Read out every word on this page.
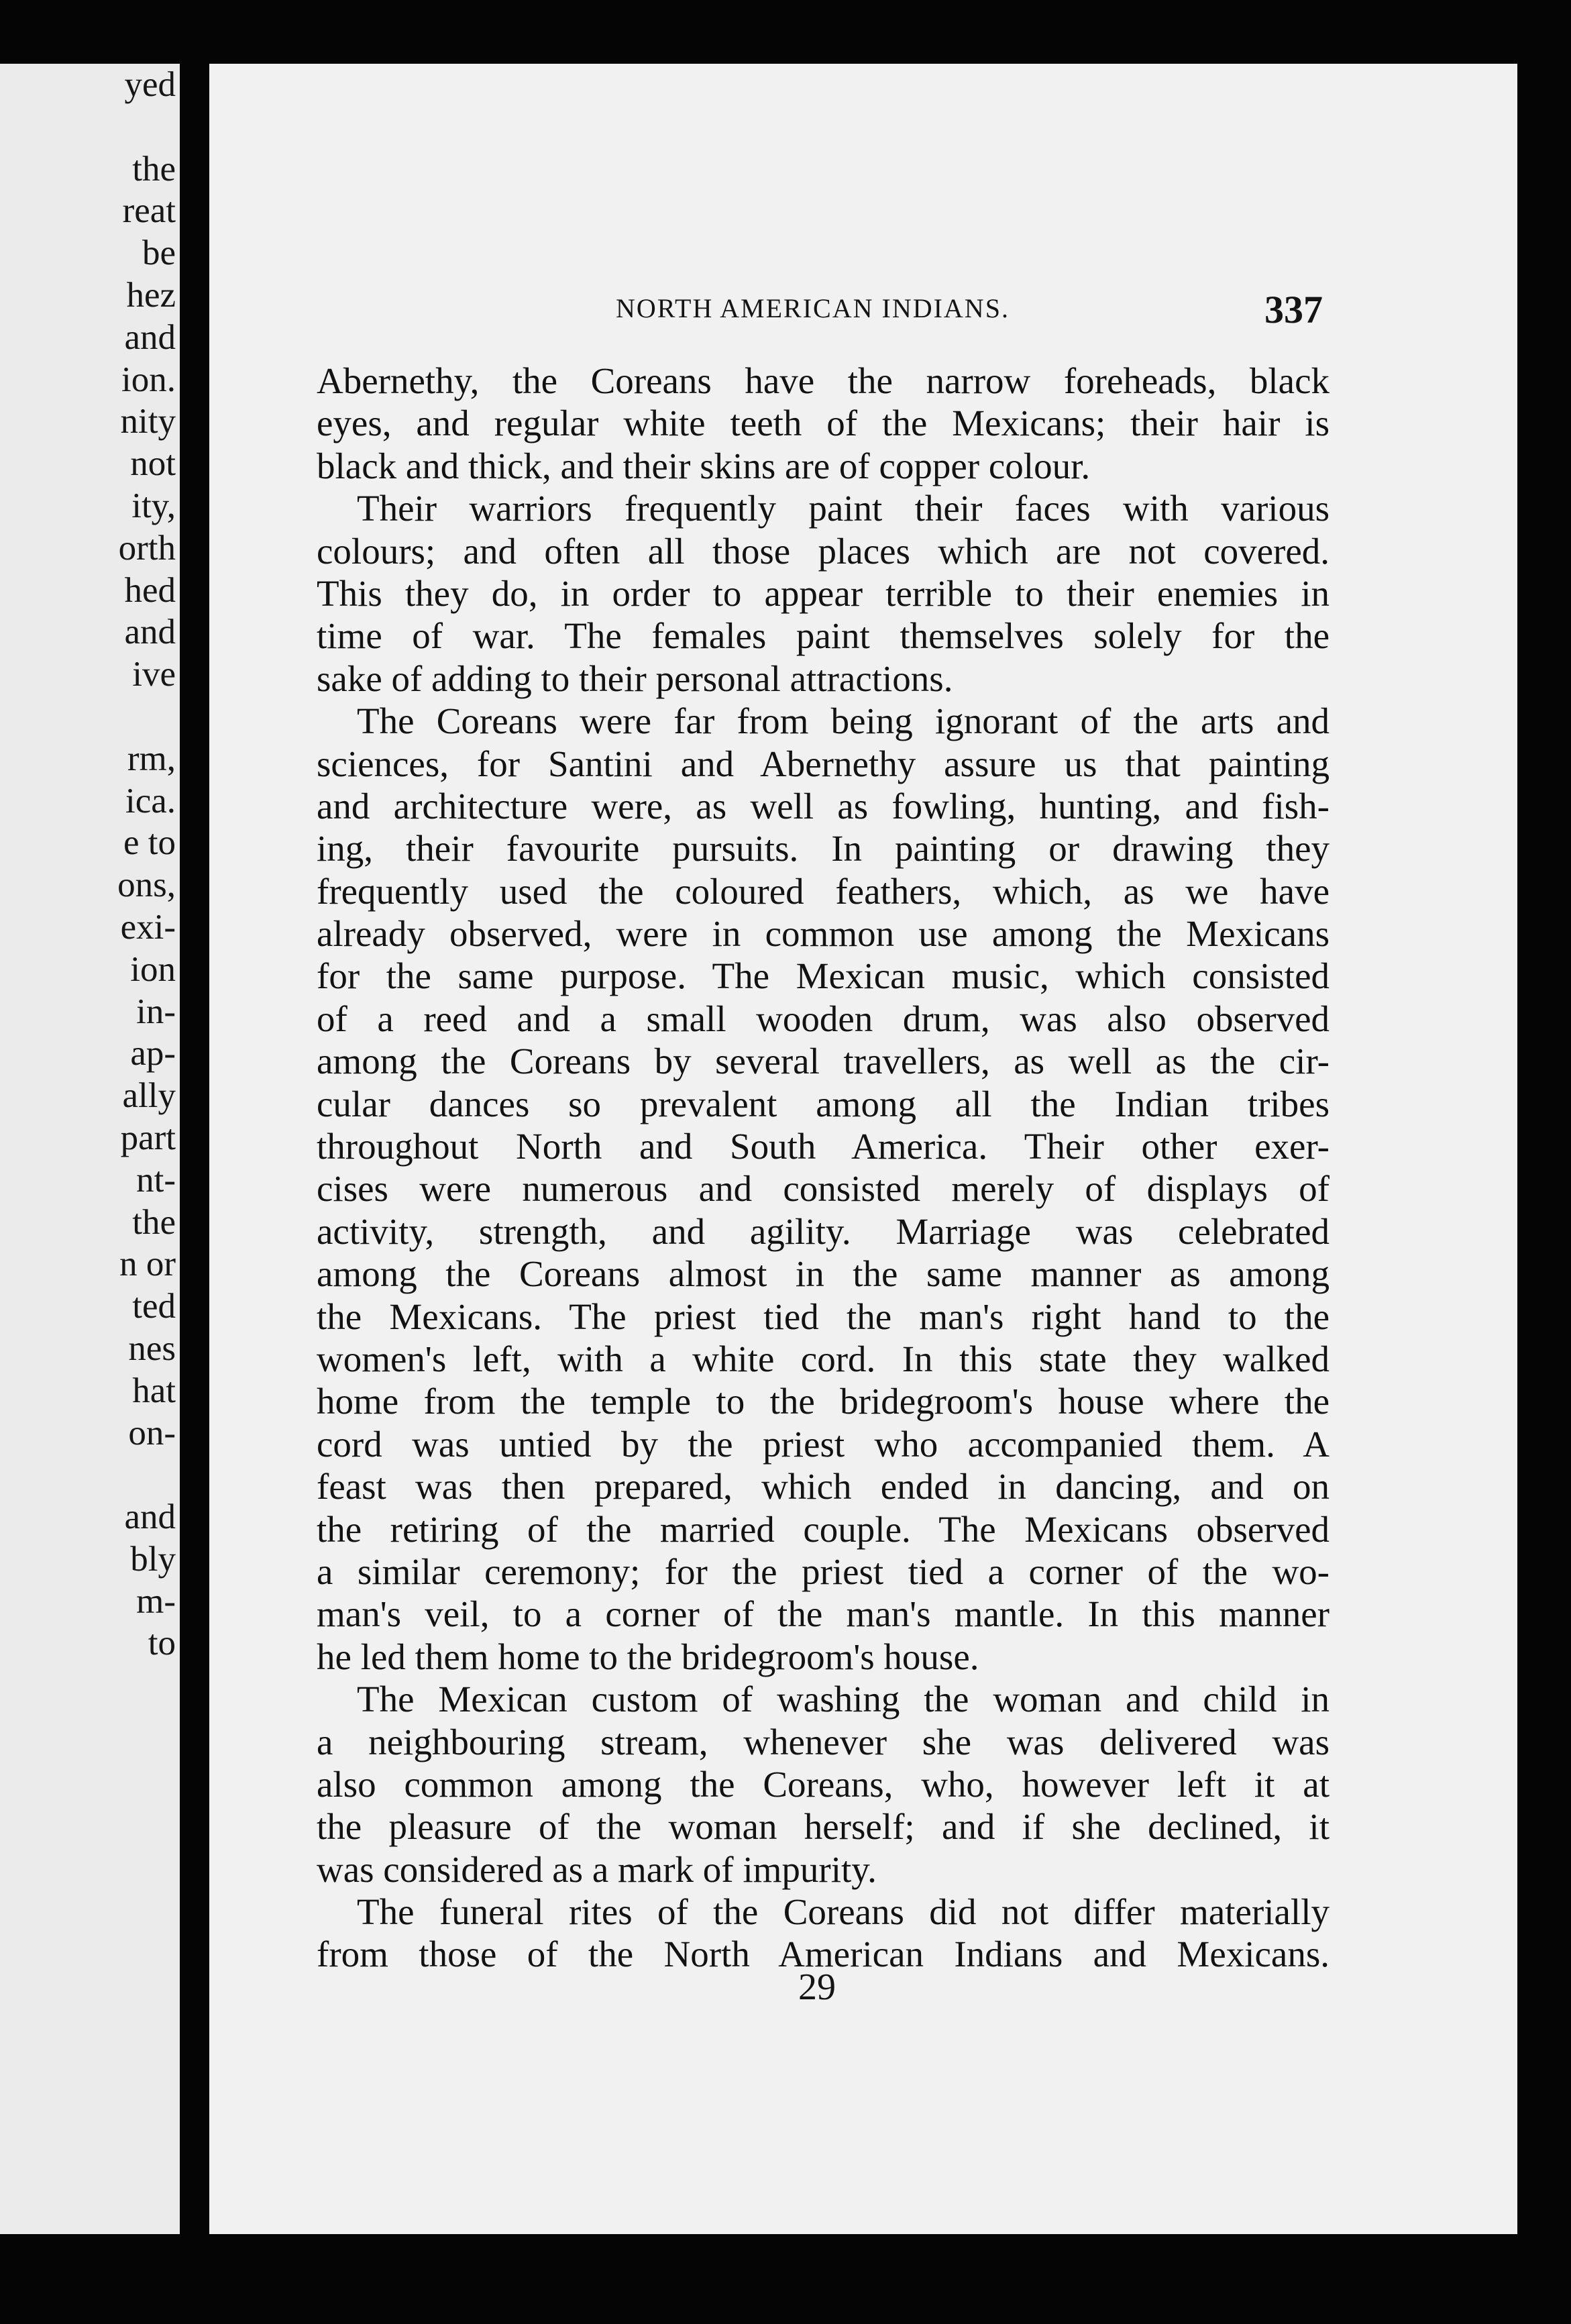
yed
the
reat
be
hez
and
ion.
nity
not
ity,
orth
hed
and
ive
rm,
ica.
e to
ons,
exi-
ion
in-
ap-
ally
part
nt-
the
n or
ted
nes
hat
on-
and
bly
m-
to
NORTH AMERICAN INDIANS.	337
Abernethy, the Coreans have the narrow foreheads, black
eyes, and regular white teeth of the Mexicans; their hair is
black and thick, and their skins are of copper colour.
Their warriors frequently paint their faces with various
colours; and often all those places which are not covered.
This they do, in order to appear terrible to their enemies in
time of war. The females paint themselves solely for the
sake of adding to their personal attractions.
The Coreans were far from being ignorant of the arts and
sciences, for Santini and Abernethy assure us that painting
and architecture were, as well as fowling, hunting, and fish-
ing, their favourite pursuits. In painting or drawing they
frequently used the coloured feathers, which, as we have
already observed, were in common use among the Mexicans
for the same purpose. The Mexican music, which consisted
of a reed and a small wooden drum, was also observed
among the Coreans by several travellers, as well as the cir-
cular dances so prevalent among all the Indian tribes
throughout North and South America. Their other exer-
cises were numerous and consisted merely of displays of
activity, strength, and agility. Marriage was celebrated
among the Coreans almost in the same manner as among
the Mexicans. The priest tied the man's right hand to the
women's left, with a white cord. In this state they walked
home from the temple to the bridegroom's house where the
cord was untied by the priest who accompanied them. A
feast was then prepared, which ended in dancing, and on
the retiring of the married couple. The Mexicans observed
a similar ceremony; for the priest tied a corner of the wo-
man's veil, to a corner of the man's mantle. In this manner
he led them home to the bridegroom's house.
The Mexican custom of washing the woman and child in
a neighbouring stream, whenever she was delivered was
also common among the Coreans, who, however left it at
the pleasure of the woman herself; and if she declined, it
was considered as a mark of impurity.
The funeral rites of the Coreans did not differ materially
from those of the North American Indians and Mexicans.
29
